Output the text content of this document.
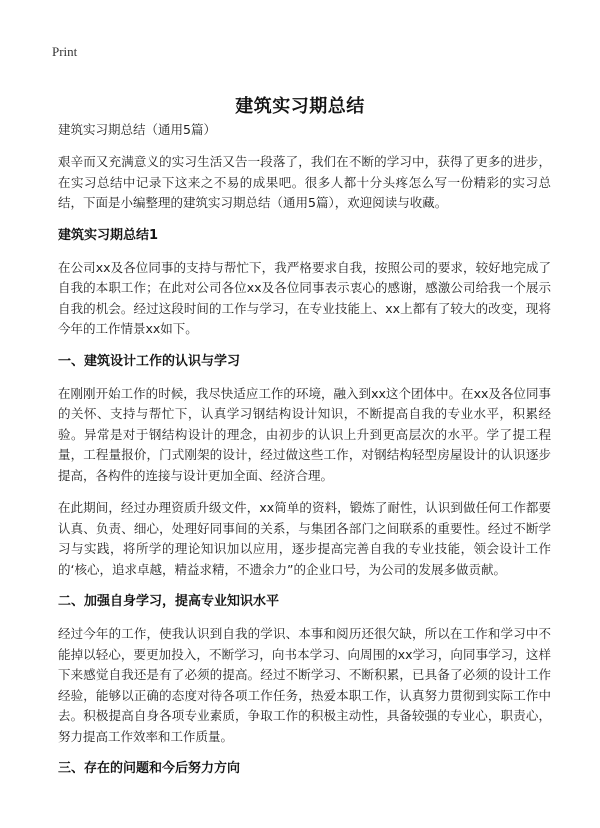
Print
建筑实习期总结
建筑实习期总结（通用5篇）

艰辛而又充满意义的实习生活又告一段落了，我们在不断的学习中，获得了更多的进步，在实习总结中记录下这来之不易的成果吧。很多人都十分头疼怎么写一份精彩的实习总结，下面是小编整理的建筑实习期总结（通用5篇），欢迎阅读与收藏。

建筑实习期总结1

在公司xx及各位同事的支持与帮忙下，我严格要求自我，按照公司的要求，较好地完成了自我的本职工作；在此对公司各位xx及各位同事表示衷心的感谢，感激公司给我一个展示自我的机会。经过这段时间的工作与学习，在专业技能上、xx上都有了较大的改变，现将今年的工作情景xx如下。

一、建筑设计工作的认识与学习

在刚刚开始工作的时候，我尽快适应工作的环境，融入到xx这个团体中。在xx及各位同事的关怀、支持与帮忙下，认真学习钢结构设计知识，不断提高自我的专业水平，积累经验。异常是对于钢结构设计的理念，由初步的认识上升到更高层次的水平。学了提工程量，工程量报价，门式刚架的设计，经过做这些工作，对钢结构轻型房屋设计的认识逐步提高，各构件的连接与设计更加全面、经济合理。

在此期间，经过办理资质升级文件，xx简单的资料，锻炼了耐性，认识到做任何工作都要认真、负责、细心，处理好同事间的关系，与集团各部门之间联系的重要性。经过不断学习与实践，将所学的理论知识加以应用，逐步提高完善自我的专业技能，领会设计工作的‘核心，追求卓越，精益求精，不遗余力”的企业口号，为公司的发展多做贡献。

二、加强自身学习，提高专业知识水平

经过今年的工作，使我认识到自我的学识、本事和阅历还很欠缺，所以在工作和学习中不能掉以轻心，要更加投入，不断学习，向书本学习、向周围的xx学习，向同事学习，这样下来感觉自我还是有了必须的提高。经过不断学习、不断积累，已具备了必须的设计工作经验，能够以正确的态度对待各项工作任务，热爱本职工作，认真努力贯彻到实际工作中去。积极提高自身各项专业素质，争取工作的积极主动性，具备较强的专业心，职责心，努力提高工作效率和工作质量。

三、存在的问题和今后努力方向
